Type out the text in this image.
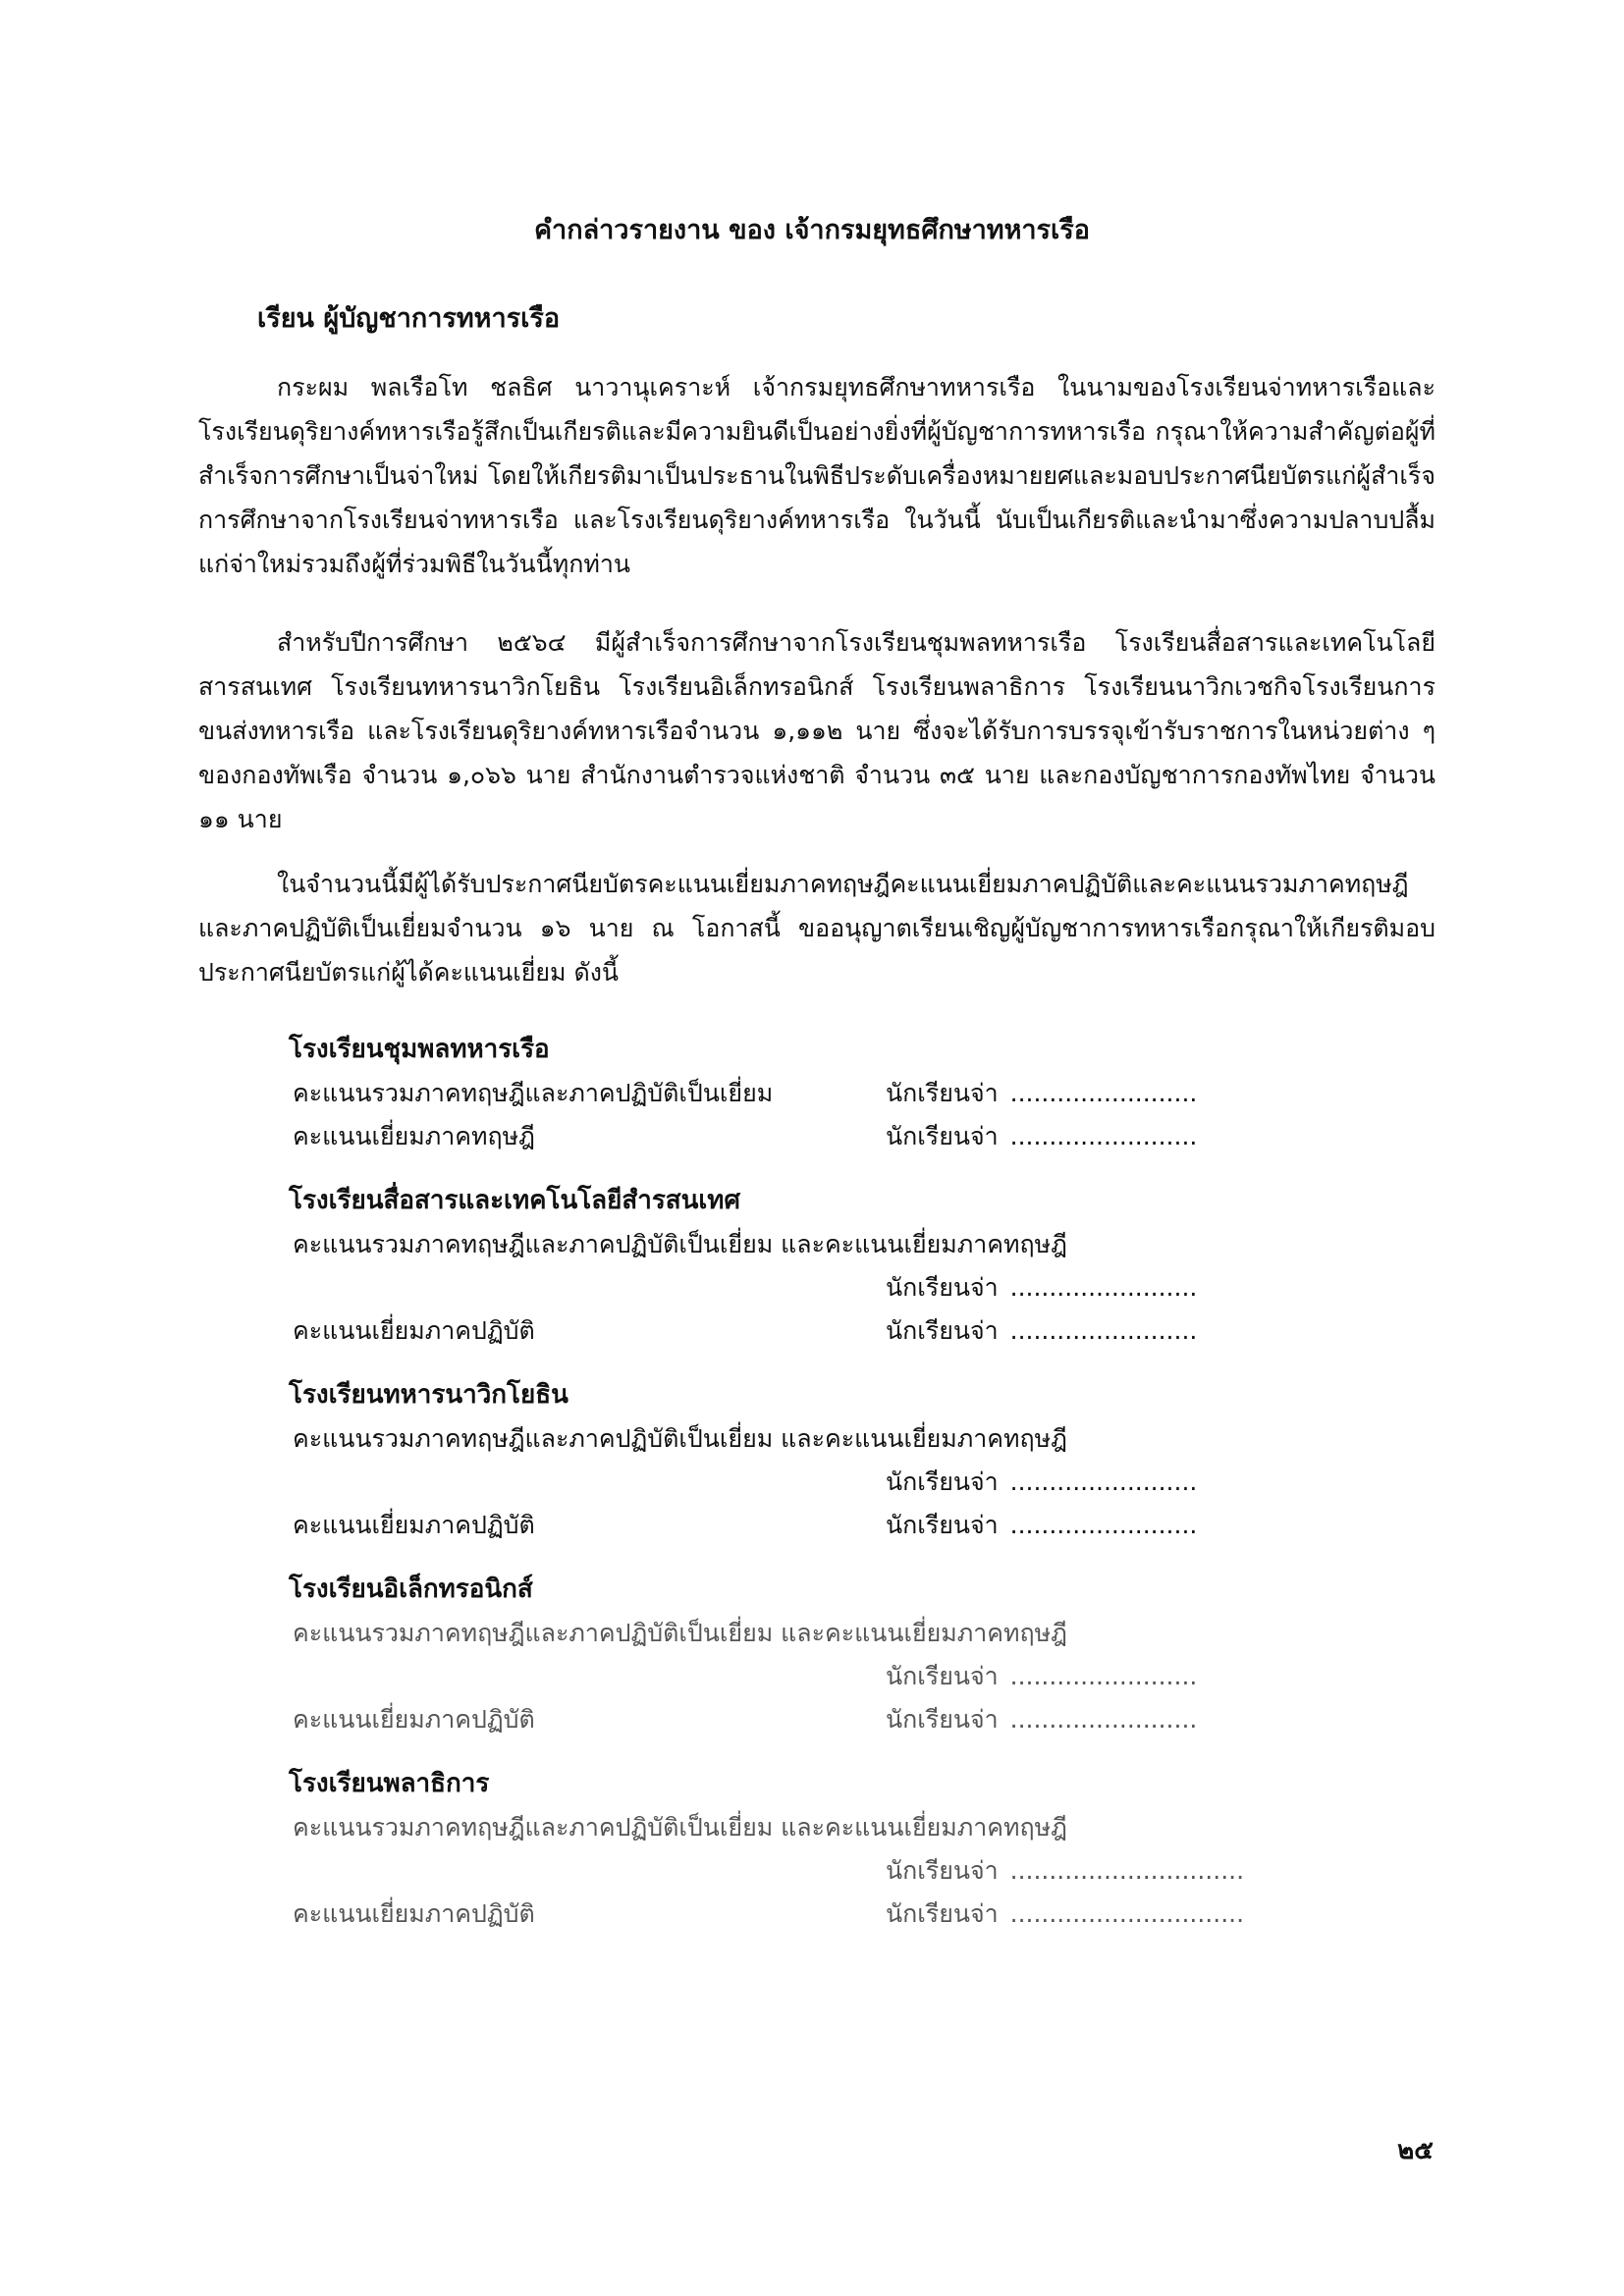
คำกล่าวรายงาน ของ เจ้ากรมยุทธศึกษาทหารเรือ
เรียน ผู้บัญชาการทหารเรือ

กระผม พลเรือโท ชลธิศ นาวานุเคราะห์ เจ้ากรมยุทธศึกษาทหารเรือ ในนามของโรงเรียนจ่าทหารเรือและโรงเรียนดุริยางค์ทหารเรือรู้สึกเป็นเกียรติและมีความยินดีเป็นอย่างยิ่งที่ผู้บัญชาการทหารเรือ กรุณาให้ความสำคัญต่อผู้ที่สำเร็จการศึกษาเป็นจ่าใหม่ โดยให้เกียรติมาเป็นประธานในพิธีประดับเครื่องหมายยศและมอบประกาศนียบัตรแก่ผู้สำเร็จการศึกษาจากโรงเรียนจ่าทหารเรือ และโรงเรียนดุริยางค์ทหารเรือ ในวันนี้ นับเป็นเกียรติและนำมาซึ่งความปลาบปลื้มแก่จ่าใหม่รวมถึงผู้ที่ร่วมพิธีในวันนี้ทุกท่าน

สำหรับปีการศึกษา ๒๕๖๔ มีผู้สำเร็จการศึกษาจากโรงเรียนชุมพลทหารเรือ โรงเรียนสื่อสารและเทคโนโลยีสารสนเทศ โรงเรียนทหารนาวิกโยธิน โรงเรียนอิเล็กทรอนิกส์ โรงเรียนพลาธิการ โรงเรียนนาวิกเวชกิจโรงเรียนการขนส่งทหารเรือ และโรงเรียนดุริยางค์ทหารเรือจำนวน ๑,๑๑๒ นาย ซึ่งจะได้รับการบรรจุเข้ารับราชการในหน่วยต่าง ๆของกองทัพเรือ จำนวน ๑,๐๖๖ นาย สำนักงานตำรวจแห่งชาติ จำนวน ๓๕ นาย และกองบัญชาการกองทัพไทย จำนวน ๑๑ นาย

ในจำนวนนี้มีผู้ได้รับประกาศนียบัตรคะแนนเยี่ยมภาคทฤษฎีคะแนนเยี่ยมภาคปฏิบัติและคะแนนรวมภาคทฤษฎีและภาคปฏิบัติเป็นเยี่ยมจำนวน ๑๖ นาย ณ โอกาสนี้ ขออนุญาตเรียนเชิญผู้บัญชาการทหารเรือกรุณาให้เกียรติมอบประกาศนียบัตรแก่ผู้ได้คะแนนเยี่ยม ดังนี้

โรงเรียนชุมพลทหารเรือ
คะแนนรวมภาคทฤษฎีและภาคปฏิบัติเป็นเยี่ยม	นักเรียนจ่า ........................
คะแนนเยี่ยมภาคทฤษฎี	นักเรียนจ่า ........................
โรงเรียนสื่อสารและเทคโนโลยีสำรสนเทศ
คะแนนรวมภาคทฤษฎีและภาคปฏิบัติเป็นเยี่ยม และคะแนนเยี่ยมภาคทฤษฎี
นักเรียนจ่า ........................
คะแนนเยี่ยมภาคปฏิบัติ	นักเรียนจ่า ........................
โรงเรียนทหารนาวิกโยธิน
คะแนนรวมภาคทฤษฎีและภาคปฏิบัติเป็นเยี่ยม และคะแนนเยี่ยมภาคทฤษฎี
นักเรียนจ่า ........................
คะแนนเยี่ยมภาคปฏิบัติ	นักเรียนจ่า ........................
โรงเรียนอิเล็กทรอนิกส์
คะแนนรวมภาคทฤษฎีและภาคปฏิบัติเป็นเยี่ยม และคะแนนเยี่ยมภาคทฤษฎี
นักเรียนจ่า ........................
คะแนนเยี่ยมภาคปฏิบัติ	นักเรียนจ่า ........................
โรงเรียนพลาธิการ
คะแนนรวมภาคทฤษฎีและภาคปฏิบัติเป็นเยี่ยม และคะแนนเยี่ยมภาคทฤษฎี
นักเรียนจ่า ..............................
คะแนนเยี่ยมภาคปฏิบัติ	นักเรียนจ่า ..............................
๒๕
